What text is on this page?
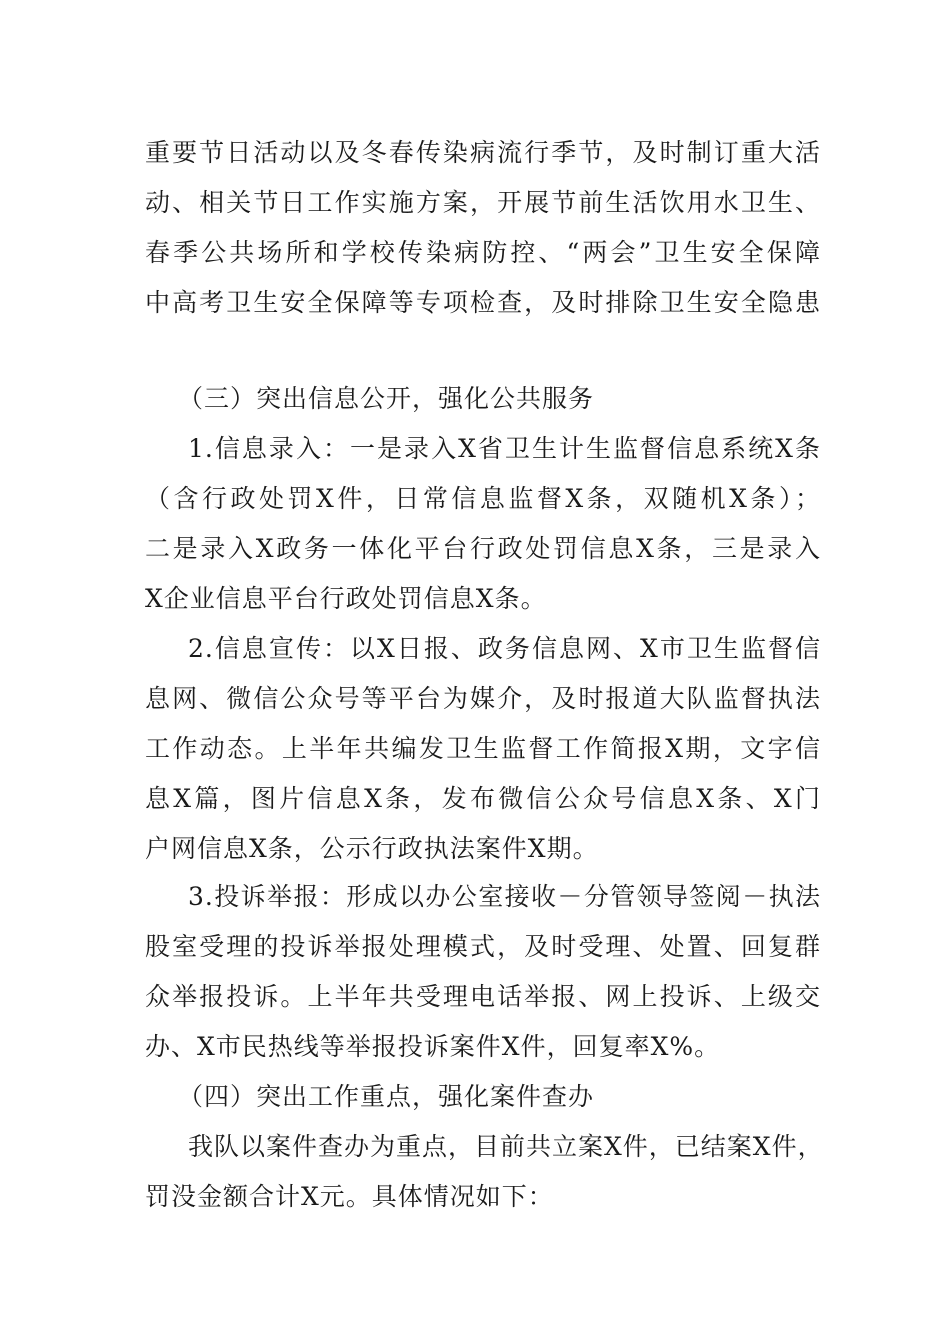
重要节日活动以及冬春传染病流行季节，及时制订重大活
动、相关节日工作实施方案，开展节前生活饮用水卫生、
春季公共场所和学校传染病防控、“两会”卫生安全保障
中高考卫生安全保障等专项检查，及时排除卫生安全隐患
（三）突出信息公开，强化公共服务
1.信息录入：一是录入X省卫生计生监督信息系统X条
（含行政处罚X件，日常信息监督X条，双随机X条）；
二是录入X政务一体化平台行政处罚信息X条，三是录入
X企业信息平台行政处罚信息X条。
2.信息宣传：以X日报、政务信息网、X市卫生监督信
息网、微信公众号等平台为媒介，及时报道大队监督执法
工作动态。上半年共编发卫生监督工作简报X期，文字信
息X篇，图片信息X条，发布微信公众号信息X条、X门
户网信息X条，公示行政执法案件X期。
3.投诉举报：形成以办公室接收－分管领导签阅－执法
股室受理的投诉举报处理模式，及时受理、处置、回复群
众举报投诉。上半年共受理电话举报、网上投诉、上级交
办、X市民热线等举报投诉案件X件，回复率X%。
（四）突出工作重点，强化案件查办
我队以案件查办为重点，目前共立案X件，已结案X件，
罚没金额合计X元。具体情况如下：
